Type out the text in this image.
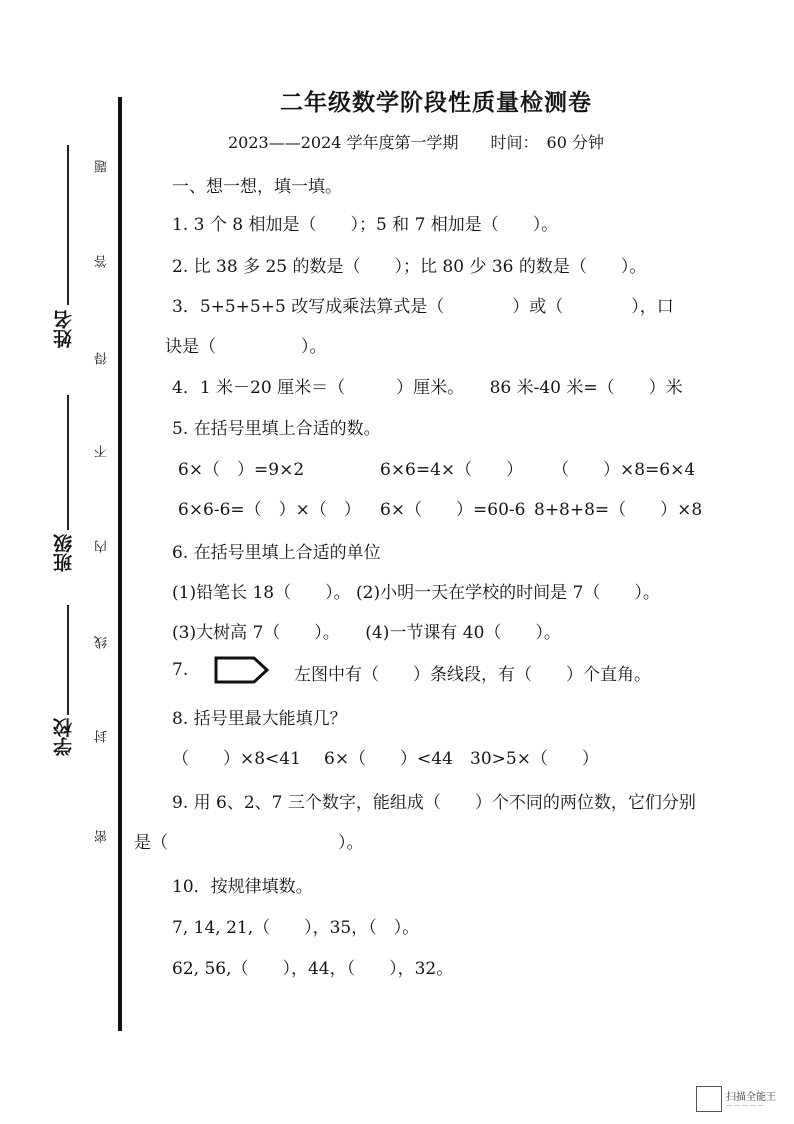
姓名
班级
学校
题
答
得
不
内
线
封
密
二年级数学阶段性质量检测卷
2023——2024 学年度第一学期　　时间：　60 分钟
一、想一想，填一填。
1. 3 个 8 相加是（　　）；5 和 7 相加是（　　）。
2. 比 38 多 25 的数是（　　）；比 80 少 36 的数是（　　）。
3．5+5+5+5 改写成乘法算式是（　　　　）或（　　　　），口
诀是（　　　　　）。
4．1 米－20 厘米＝（　　　）厘米。　　86 米-40 米=（　　）米
5. 在括号里填上合适的数。
6×（　）=9×2	6×6=4×（　　） （　　）×8=6×4
6×6-6=（　）×（　） 6×（　　）=60-6 8+8+8=（　　）×8
6. 在括号里填上合适的单位
(1)铅笔长 18（　　）。 (2)小明一天在学校的时间是 7（　　）。
(3)大树高 7（　　）。　　(4)一节课有 40（　　）。
7.	左图中有（　　）条线段，有（　　）个直角。
8. 括号里最大能填几？
（　　）×8<41 6×（　　）<44 30>5×（　　）
9. 用 6、2、7 三个数字，能组成（　　）个不同的两位数，它们分别
是（　　　　　　　　　　）。
10．按规律填数。
7, 14, 21,（　　），35，（　）。
62, 56,（　　），44，（　　），32。
扫描全能王
— — — — —
